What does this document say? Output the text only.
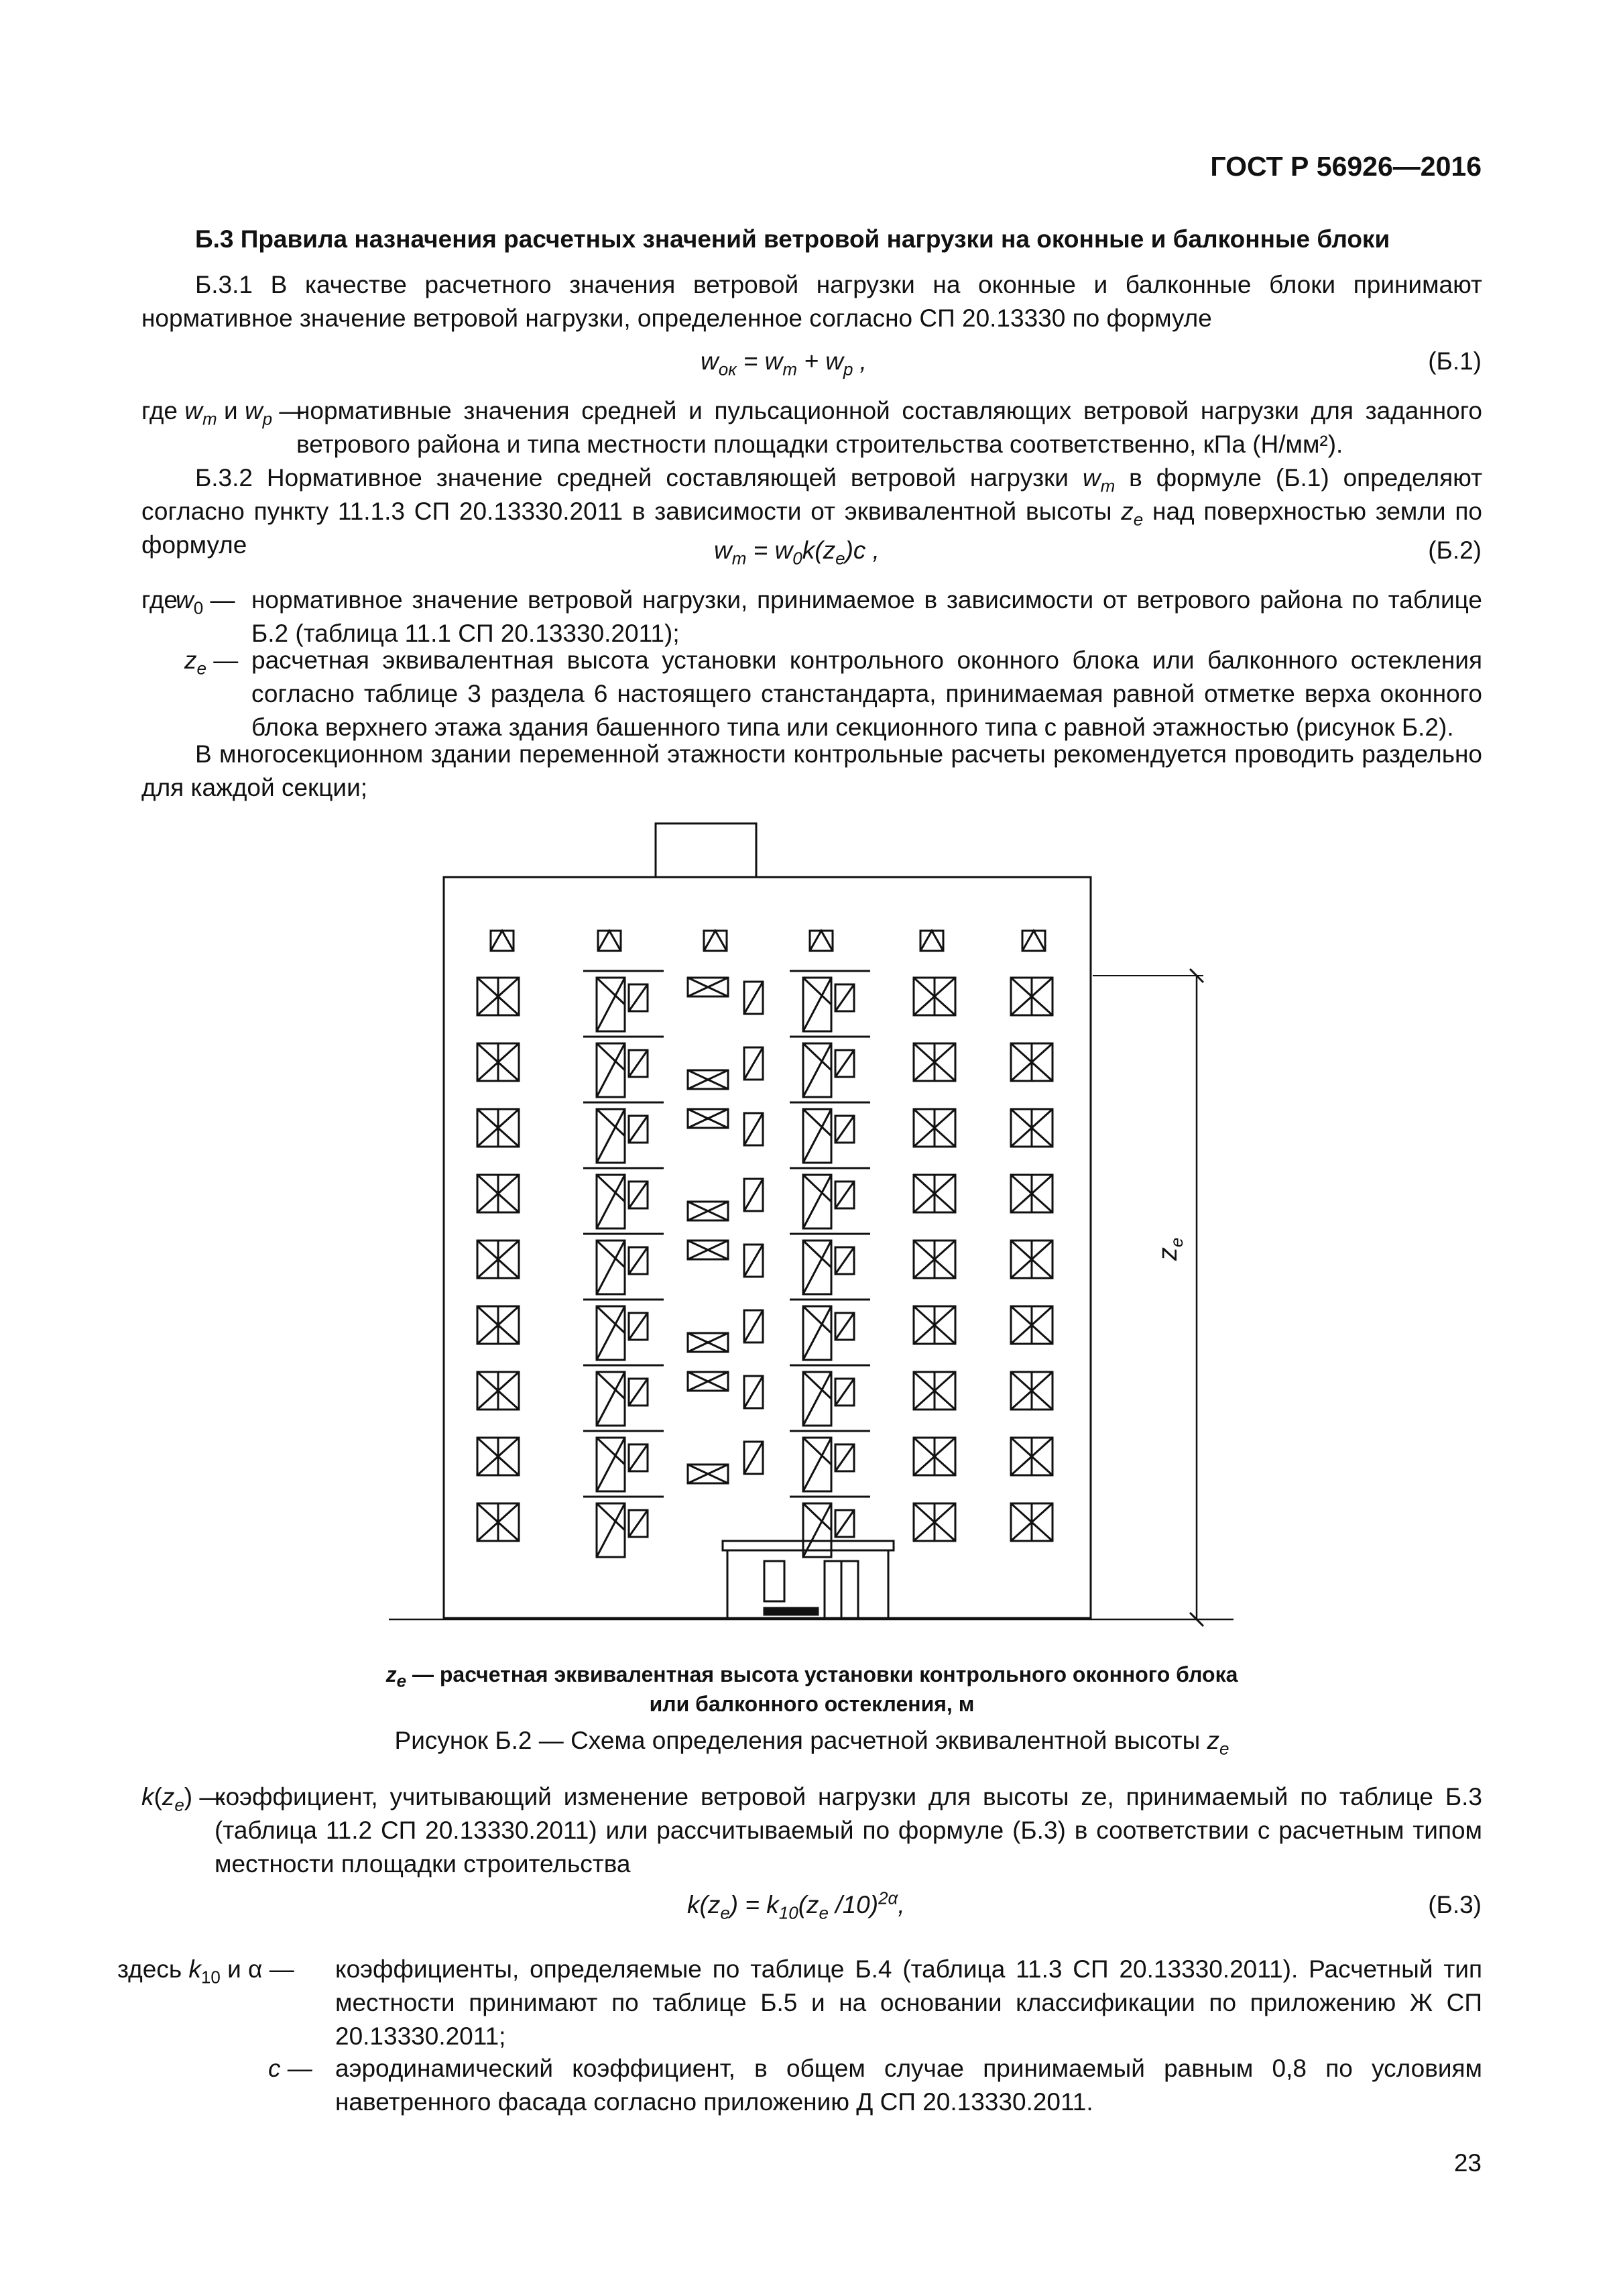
ГОСТ Р 56926—2016
Б.3 Правила назначения расчетных значений ветровой нагрузки на оконные и балконные блоки
Б.3.1 В качестве расчетного значения ветровой нагрузки на оконные и балконные блоки принимают нормативное значение ветровой нагрузки, определенное согласно СП 20.13330 по формуле
$w_{ок} = w_m + w_p$ ,	(Б.1)
где $w_m$ и $w_p$ —
нормативные значения средней и пульсационной составляющих ветровой нагрузки для заданного ветрового района и типа местности площадки строительства соответственно, кПа (Н/мм²).
Б.3.2 Нормативное значение средней составляющей ветровой нагрузки $w_m$ в формуле (Б.1) определяют согласно пункту 11.1.3 СП 20.13330.2011 в зависимости от эквивалентной высоты $z_e$ над поверхностью земли по формуле	$w_m = w_0k(z_e)c$ ,	(Б.2)
где
$w_0$ — нормативное значение ветровой нагрузки, принимаемое в зависимости от ветрового района по таблице Б.2 (таблица 11.1 СП 20.13330.2011);
$z_e$ — расчетная эквивалентная высота установки контрольного оконного блока или балконного остекления согласно таблице 3 раздела 6 настоящего станстандарта, принимаемая равной отметке верха оконного блока верхнего этажа здания башенного типа или секционного типа с равной этажностью (рисунок Б.2).
В многосекционном здании переменной этажности контрольные расчеты рекомендуется проводить раздельно для каждой секции;
$z_e$
$z_e$ — расчетная эквивалентная высота установки контрольного оконного блока
или балконного остекления, м
Рисунок Б.2 — Схема определения расчетной эквивалентной высоты $z_e$
$k(z_e)$ —
коэффициент, учитывающий изменение ветровой нагрузки для высоты ze, принимаемый по таблице Б.3 (таблица 11.2 СП 20.13330.2011) или рассчитываемый по формуле (Б.3) в соответствии с расчетным типом местности площадки строительства
$k(z_e) = k_{10}(z_e$ /10)$^{2\alpha}$,	(Б.3)
здесь $k_{10}$ и α — коэффициенты, определяемые по таблице Б.4 (таблица 11.3 СП 20.13330.2011). Расчетный тип местности принимают по таблице Б.5 и на основании классификации по приложению Ж СП 20.13330.2011;
c — аэродинамический коэффициент, в общем случае принимаемый равным 0,8 по условиям наветренного фасада согласно приложению Д СП 20.13330.2011.
23
